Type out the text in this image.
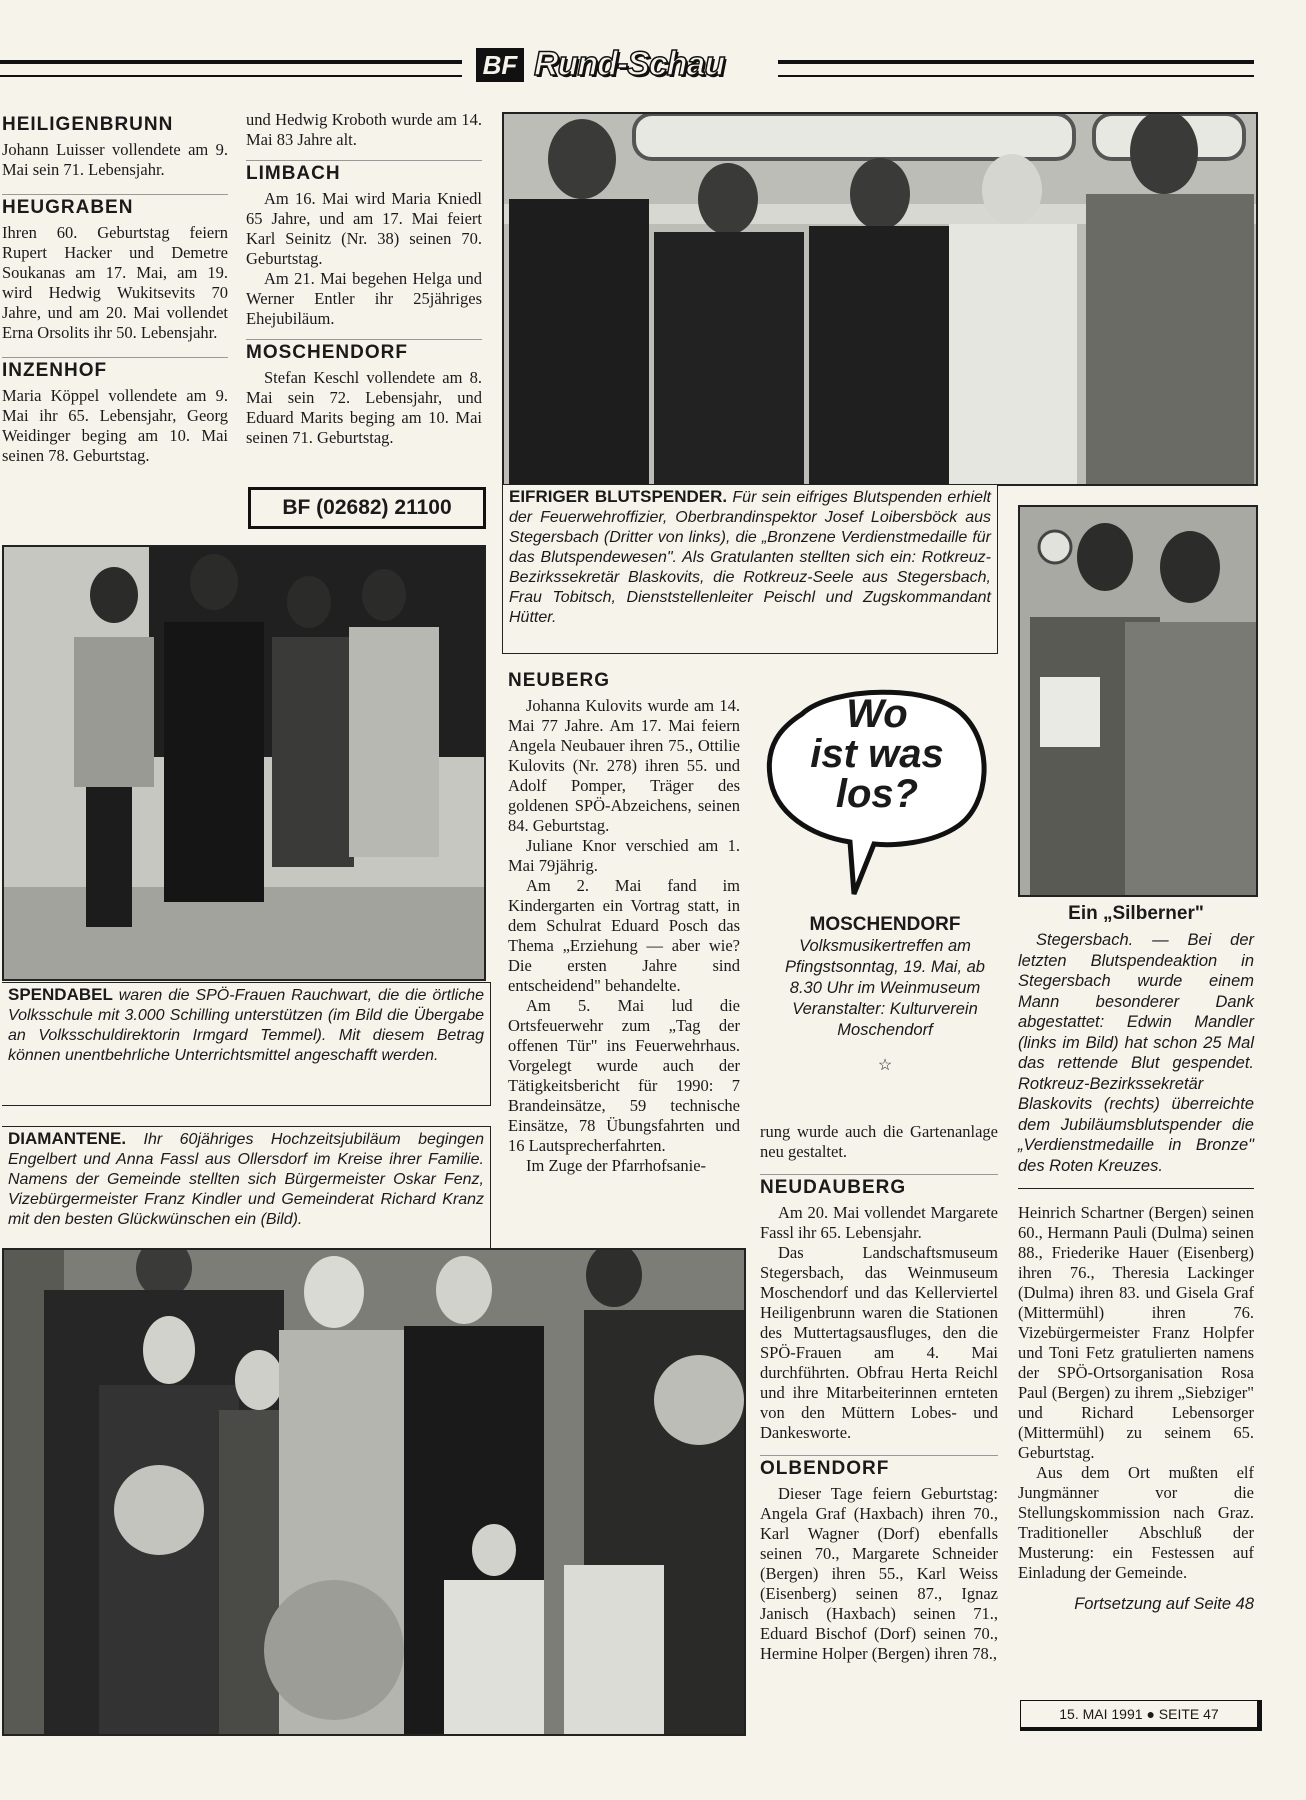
BF Rund-Schau
HEILIGENBRUNN
Johann Luisser vollendete am 9. Mai sein 71. Lebensjahr.
HEUGRABEN
Ihren 60. Geburtstag feiern Rupert Hacker und Demetre Soukanas am 17. Mai, am 19. wird Hedwig Wukitsevits 70 Jahre, und am 20. Mai vollendet Erna Orsolits ihr 50. Lebensjahr.
INZENHOF
Maria Köppel vollendete am 9. Mai ihr 65. Lebensjahr, Georg Weidinger beging am 10. Mai seinen 78. Geburtstag.
und Hedwig Kroboth wurde am 14. Mai 83 Jahre alt.
LIMBACH
Am 16. Mai wird Maria Kniedl 65 Jahre, und am 17. Mai feiert Karl Seinitz (Nr. 38) seinen 70. Geburtstag.
Am 21. Mai begehen Helga und Werner Entler ihr 25jähriges Ehejubiläum.
MOSCHENDORF
Stefan Keschl vollendete am 8. Mai sein 72. Lebensjahr, und Eduard Marits beging am 10. Mai seinen 71. Geburtstag.
BF (02682) 21100	EIFRIGER BLUTSPENDER. Für sein eifriges Blutspenden erhielt der Feuerwehroffizier, Oberbrandinspektor Josef Loibersböck aus Stegersbach (Dritter von links), die „Bronzene Verdienstmedaille für das Blutspendewesen". Als Gratulanten stellten sich ein: Rotkreuz-Bezirkssekretär Blaskovits, die Rotkreuz-Seele aus Stegersbach, Frau Tobitsch, Dienststellenleiter Peischl und Zugskommandant Hütter.
SPENDABEL waren die SPÖ-Frauen Rauchwart, die die örtliche Volksschule mit 3.000 Schilling unterstützen (im Bild die Übergabe an Volksschuldirektorin Irmgard Temmel). Mit diesem Betrag können unentbehrliche Unterrichtsmittel angeschafft werden.
DIAMANTENE. Ihr 60jähriges Hochzeitsjubiläum begingen Engelbert und Anna Fassl aus Ollersdorf im Kreise ihrer Familie. Namens der Gemeinde stellten sich Bürgermeister Oskar Fenz, Vizebürgermeister Franz Kindler und Gemeinderat Richard Kranz mit den besten Glückwünschen ein (Bild).
NEUBERG
Johanna Kulovits wurde am 14. Mai 77 Jahre. Am 17. Mai feiern Angela Neubauer ihren 75., Ottilie Kulovits (Nr. 278) ihren 55. und Adolf Pomper, Träger des goldenen SPÖ-Abzeichens, seinen 84. Geburtstag.
Juliane Knor verschied am 1. Mai 79jährig.
Am 2. Mai fand im Kindergarten ein Vortrag statt, in dem Schulrat Eduard Posch das Thema „Erziehung — aber wie? Die ersten Jahre sind entscheidend" behandelte.
Am 5. Mai lud die Ortsfeuerwehr zum „Tag der offenen Tür" ins Feuerwehrhaus. Vorgelegt wurde auch der Tätigkeitsbericht für 1990: 7 Brandeinsätze, 59 technische Einsätze, 78 Übungsfahrten und 16 Lautsprecherfahrten.
Im Zuge der Pfarrhofsanie-
Wo
ist was
los?
MOSCHENDORF
Volksmusikertreffen am Pfingstsonntag, 19. Mai, ab 8.30 Uhr im Weinmuseum Veranstalter: Kulturverein Moschendorf
☆
rung wurde auch die Gartenanlage neu gestaltet.
NEUDAUBERG
Am 20. Mai vollendet Margarete Fassl ihr 65. Lebensjahr.
Das Landschaftsmuseum Stegersbach, das Weinmuseum Moschendorf und das Kellerviertel Heiligenbrunn waren die Stationen des Muttertagsausfluges, den die SPÖ-Frauen am 4. Mai durchführten. Obfrau Herta Reichl und ihre Mitarbeiterinnen ernteten von den Müttern Lobes- und Dankesworte.
OLBENDORF
Dieser Tage feiern Geburtstag: Angela Graf (Haxbach) ihren 70., Karl Wagner (Dorf) ebenfalls seinen 70., Margarete Schneider (Bergen) ihren 55., Karl Weiss (Eisenberg) seinen 87., Ignaz Janisch (Haxbach) seinen 71., Eduard Bischof (Dorf) seinen 70., Hermine Holper (Bergen) ihren 78.,
Ein „Silberner"
Stegersbach. — Bei der letzten Blutspendeaktion in Stegersbach wurde einem Mann besonderer Dank abgestattet: Edwin Mandler (links im Bild) hat schon 25 Mal das rettende Blut gespendet. Rotkreuz-Bezirkssekretär Blaskovits (rechts) überreichte dem Jubiläumsblutspender die „Verdienstmedaille in Bronze" des Roten Kreuzes.
Heinrich Schartner (Bergen) seinen 60., Hermann Pauli (Dulma) seinen 88., Friederike Hauer (Eisenberg) ihren 76., Theresia Lackinger (Dulma) ihren 83. und Gisela Graf (Mittermühl) ihren 76. Vizebürgermeister Franz Holpfer und Toni Fetz gratulierten namens der SPÖ-Ortsorganisation Rosa Paul (Bergen) zu ihrem „Siebziger" und Richard Lebensorger (Mittermühl) zu seinem 65. Geburtstag.
Aus dem Ort mußten elf Jungmänner vor die Stellungskommission nach Graz. Traditioneller Abschluß der Musterung: ein Festessen auf Einladung der Gemeinde.
Fortsetzung auf Seite 48
15. MAI 1991 ● SEITE 47
